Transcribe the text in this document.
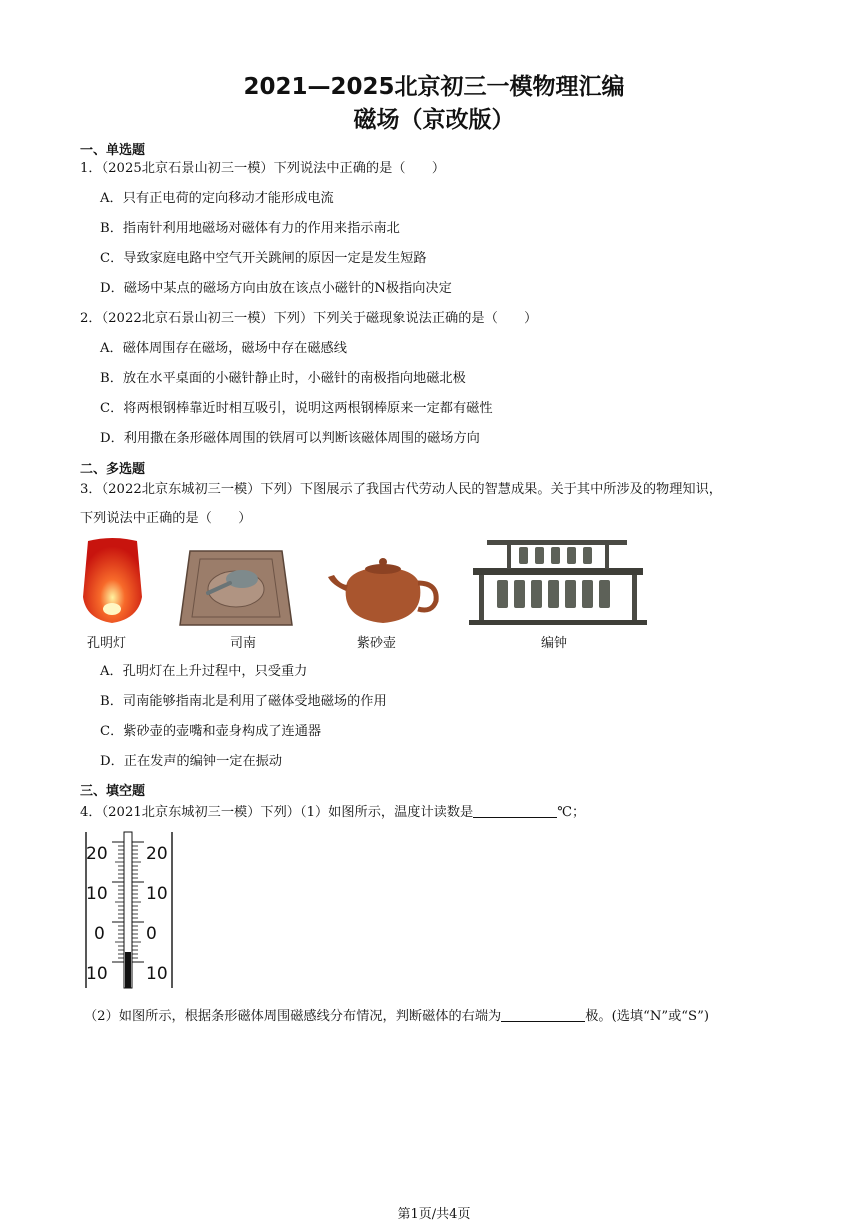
2021—2025北京初三一模物理汇编
磁场（京改版）
一、单选题
1．（2025北京石景山初三一模）下列说法中正确的是（　　）
A．只有正电荷的定向移动才能形成电流
B．指南针利用地磁场对磁体有力的作用来指示南北
C．导致家庭电路中空气开关跳闸的原因一定是发生短路
D．磁场中某点的磁场方向由放在该点小磁针的N极指向决定
2．（2022北京石景山初三一模）下列）下列关于磁现象说法正确的是（　　）
A．磁体周围存在磁场，磁场中存在磁感线
B．放在水平桌面的小磁针静止时，小磁针的南极指向地磁北极
C．将两根钢棒靠近时相互吸引，说明这两根钢棒原来一定都有磁性
D．利用撒在条形磁体周围的铁屑可以判断该磁体周围的磁场方向
二、多选题
3．（2022北京东城初三一模）下列）下图展示了我国古代劳动人民的智慧成果。关于其中所涉及的物理知识，
下列说法中正确的是（　　）
孔明灯	司南	紫砂壶	编钟
A．孔明灯在上升过程中，只受重力
B．司南能够指南北是利用了磁体受地磁场的作用
C．紫砂壶的壶嘴和壶身构成了连通器
D．正在发声的编钟一定在振动
三、填空题
4．（2021北京东城初三一模）下列）（1）如图所示，温度计读数是	℃；
20
10
0
10
20
10
0
10
（2）如图所示，根据条形磁体周围磁感线分布情况，判断磁体的右端为	极。(选填“N”或“S”)
第1页/共4页
